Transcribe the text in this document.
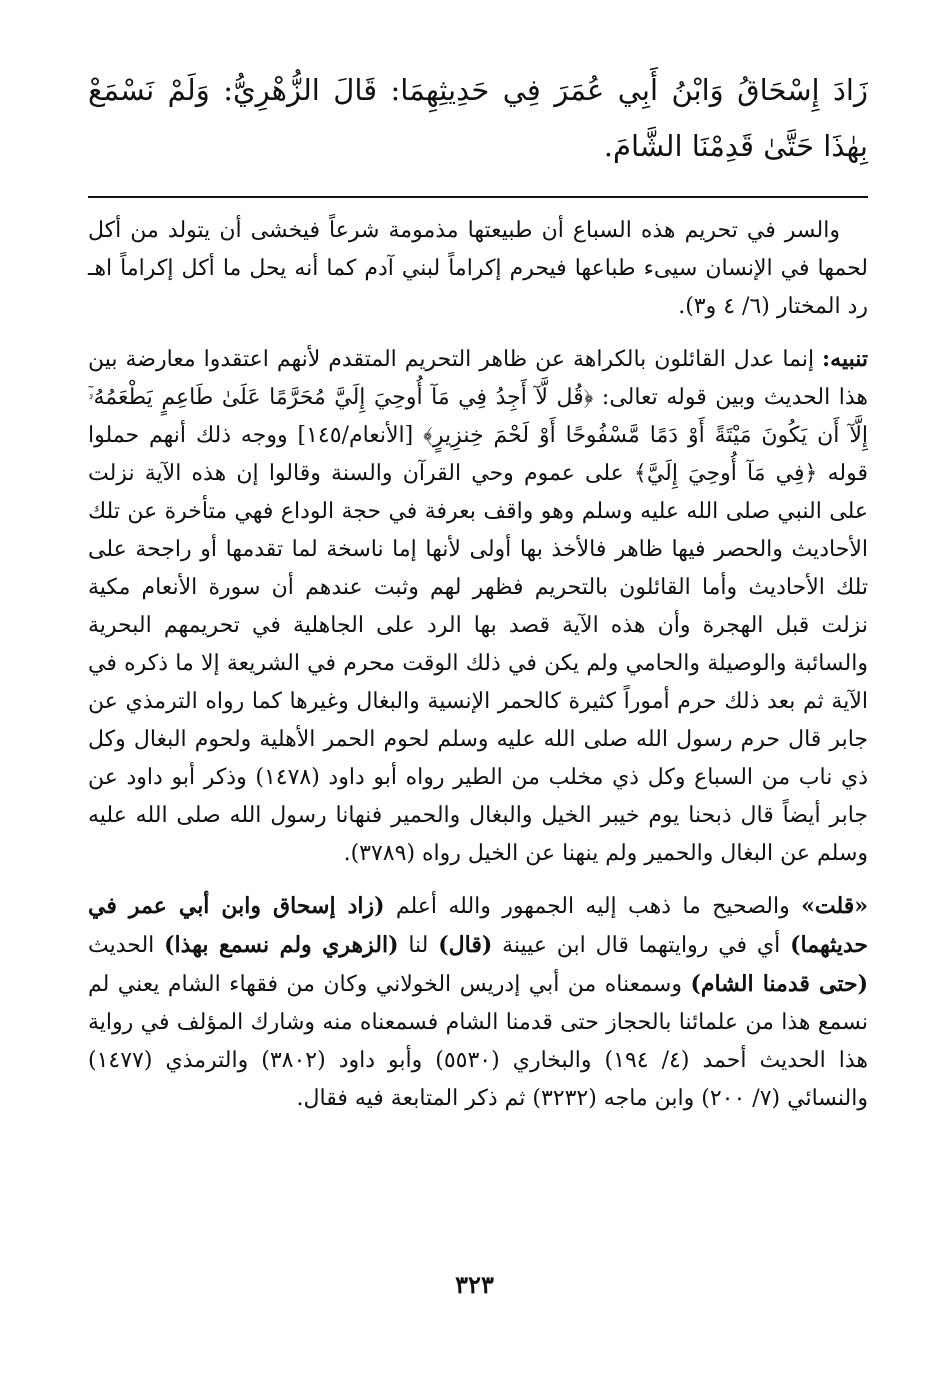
زَادَ إِسْحَاقُ وَابْنُ أَبِي عُمَرَ فِي حَدِيثِهِمَا: قَالَ الزُّهْرِيُّ: وَلَمْ نَسْمَعْ بِهٰذَا حَتَّىٰ قَدِمْنَا الشَّامَ.

والسر في تحريم هذه السباع أن طبيعتها مذمومة شرعاً فيخشى أن يتولد من أكل لحمها في الإنسان سيىء طباعها فيحرم إكراماً لبني آدم كما أنه يحل ما أكل إكراماً اهـ رد المختار (٦/ ٤ و٣).

تنبيه: إنما عدل القائلون بالكراهة عن ظاهر التحريم المتقدم لأنهم اعتقدوا معارضة بين هذا الحديث وبين قوله تعالى: ﴿قُل لَّآ أَجِدُ فِي مَآ أُوحِيَ إِلَيَّ مُحَرَّمًا عَلَىٰ طَاعِمٍ يَطْعَمُهُۥٓ إِلَّآ أَن يَكُونَ مَيْتَةً أَوْ دَمًا مَّسْفُوحًا أَوْ لَحْمَ خِنزِيرٍ﴾ [الأنعام/١٤٥] ووجه ذلك أنهم حملوا قوله ﴿فِي مَآ أُوحِيَ إِلَيَّ﴾ على عموم وحي القرآن والسنة وقالوا إن هذه الآية نزلت على النبي صلى الله عليه وسلم وهو واقف بعرفة في حجة الوداع فهي متأخرة عن تلك الأحاديث والحصر فيها ظاهر فالأخذ بها أولى لأنها إما ناسخة لما تقدمها أو راجحة على تلك الأحاديث وأما القائلون بالتحريم فظهر لهم وثبت عندهم أن سورة الأنعام مكية نزلت قبل الهجرة وأن هذه الآية قصد بها الرد على الجاهلية في تحريمهم البحرية والسائبة والوصيلة والحامي ولم يكن في ذلك الوقت محرم في الشريعة إلا ما ذكره في الآية ثم بعد ذلك حرم أموراً كثيرة كالحمر الإنسية والبغال وغيرها كما رواه الترمذي عن جابر قال حرم رسول الله صلى الله عليه وسلم لحوم الحمر الأهلية ولحوم البغال وكل ذي ناب من السباع وكل ذي مخلب من الطير رواه أبو داود (١٤٧٨) وذكر أبو داود عن جابر أيضاً قال ذبحنا يوم خيبر الخيل والبغال والحمير فنهانا رسول الله صلى الله عليه وسلم عن البغال والحمير ولم ينهنا عن الخيل رواه (٣٧٨٩).

«قلت» والصحيح ما ذهب إليه الجمهور والله أعلم (زاد إسحاق وابن أبي عمر في حديثهما) أي في روايتهما قال ابن عيينة (قال) لنا (الزهري ولم نسمع بهذا) الحديث (حتى قدمنا الشام) وسمعناه من أبي إدريس الخولاني وكان من فقهاء الشام يعني لم نسمع هذا من علمائنا بالحجاز حتى قدمنا الشام فسمعناه منه وشارك المؤلف في رواية هذا الحديث أحمد (٤/ ١٩٤) والبخاري (٥٥٣٠) وأبو داود (٣٨٠٢) والترمذي (١٤٧٧) والنسائي (٧/ ٢٠٠) وابن ماجه (٣٢٣٢) ثم ذكر المتابعة فيه فقال.

٣٢٣
